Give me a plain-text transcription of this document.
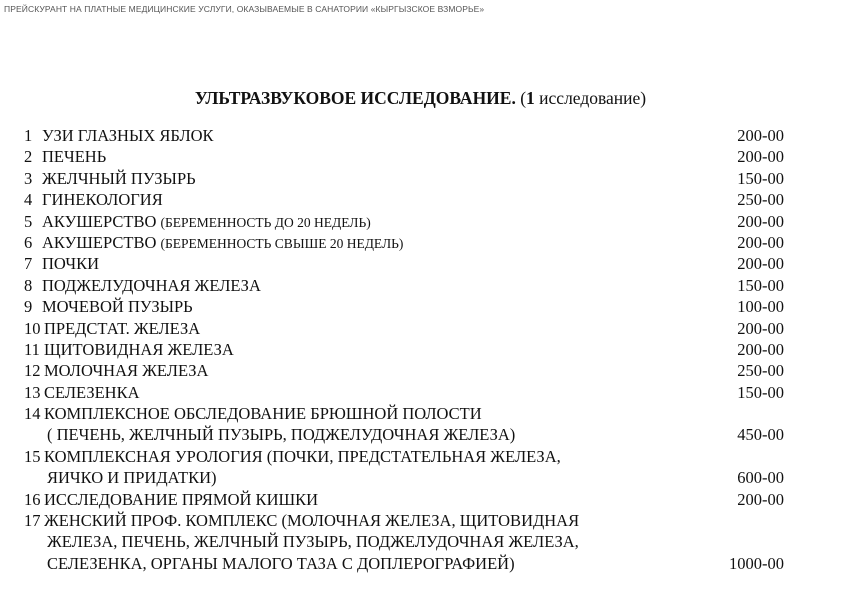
ПРЕЙСКУРАНТ НА ПЛАТНЫЕ МЕДИЦИНСКИЕ УСЛУГИ, ОКАЗЫВАЕМЫЕ В САНАТОРИИ «КЫРГЫЗСКОЕ ВЗМОРЬЕ»
УЛЬТРАЗВУКОВОЕ ИССЛЕДОВАНИЕ. (1 исследование)
1 УЗИ ГЛАЗНЫХ ЯБЛОК	200-00
2 ПЕЧЕНЬ	200-00
3 ЖЕЛЧНЫЙ ПУЗЫРЬ	150-00
4 ГИНЕКОЛОГИЯ	250-00
5 АКУШЕРСТВО (БЕРЕМЕННОСТЬ ДО 20 НЕДЕЛЬ)	200-00
6 АКУШЕРСТВО (БЕРЕМЕННОСТЬ СВЫШЕ 20 НЕДЕЛЬ)	200-00
7 ПОЧКИ	200-00
8 ПОДЖЕЛУДОЧНАЯ ЖЕЛЕЗА	150-00
9 МОЧЕВОЙ ПУЗЫРЬ	100-00
10 ПРЕДСТАТ. ЖЕЛЕЗА	200-00
11 ЩИТОВИДНАЯ ЖЕЛЕЗА	200-00
12 МОЛОЧНАЯ ЖЕЛЕЗА	250-00
13 СЕЛЕЗЕНКА	150-00
14 КОМПЛЕКСНОЕ ОБСЛЕДОВАНИЕ БРЮШНОЙ ПОЛОСТИ
( ПЕЧЕНЬ, ЖЕЛЧНЫЙ ПУЗЫРЬ, ПОДЖЕЛУДОЧНАЯ ЖЕЛЕЗА)	450-00
15 КОМПЛЕКСНАЯ УРОЛОГИЯ (ПОЧКИ, ПРЕДСТАТЕЛЬНАЯ ЖЕЛЕЗА,
ЯИЧКО И ПРИДАТКИ)	600-00
16 ИССЛЕДОВАНИЕ ПРЯМОЙ КИШКИ	200-00
17 ЖЕНСКИЙ ПРОФ. КОМПЛЕКС (МОЛОЧНАЯ ЖЕЛЕЗА, ЩИТОВИДНАЯ
ЖЕЛЕЗА, ПЕЧЕНЬ, ЖЕЛЧНЫЙ ПУЗЫРЬ, ПОДЖЕЛУДОЧНАЯ ЖЕЛЕЗА,
СЕЛЕЗЕНКА, ОРГАНЫ МАЛОГО ТАЗА С ДОПЛЕРОГРАФИЕЙ)	1000-00
